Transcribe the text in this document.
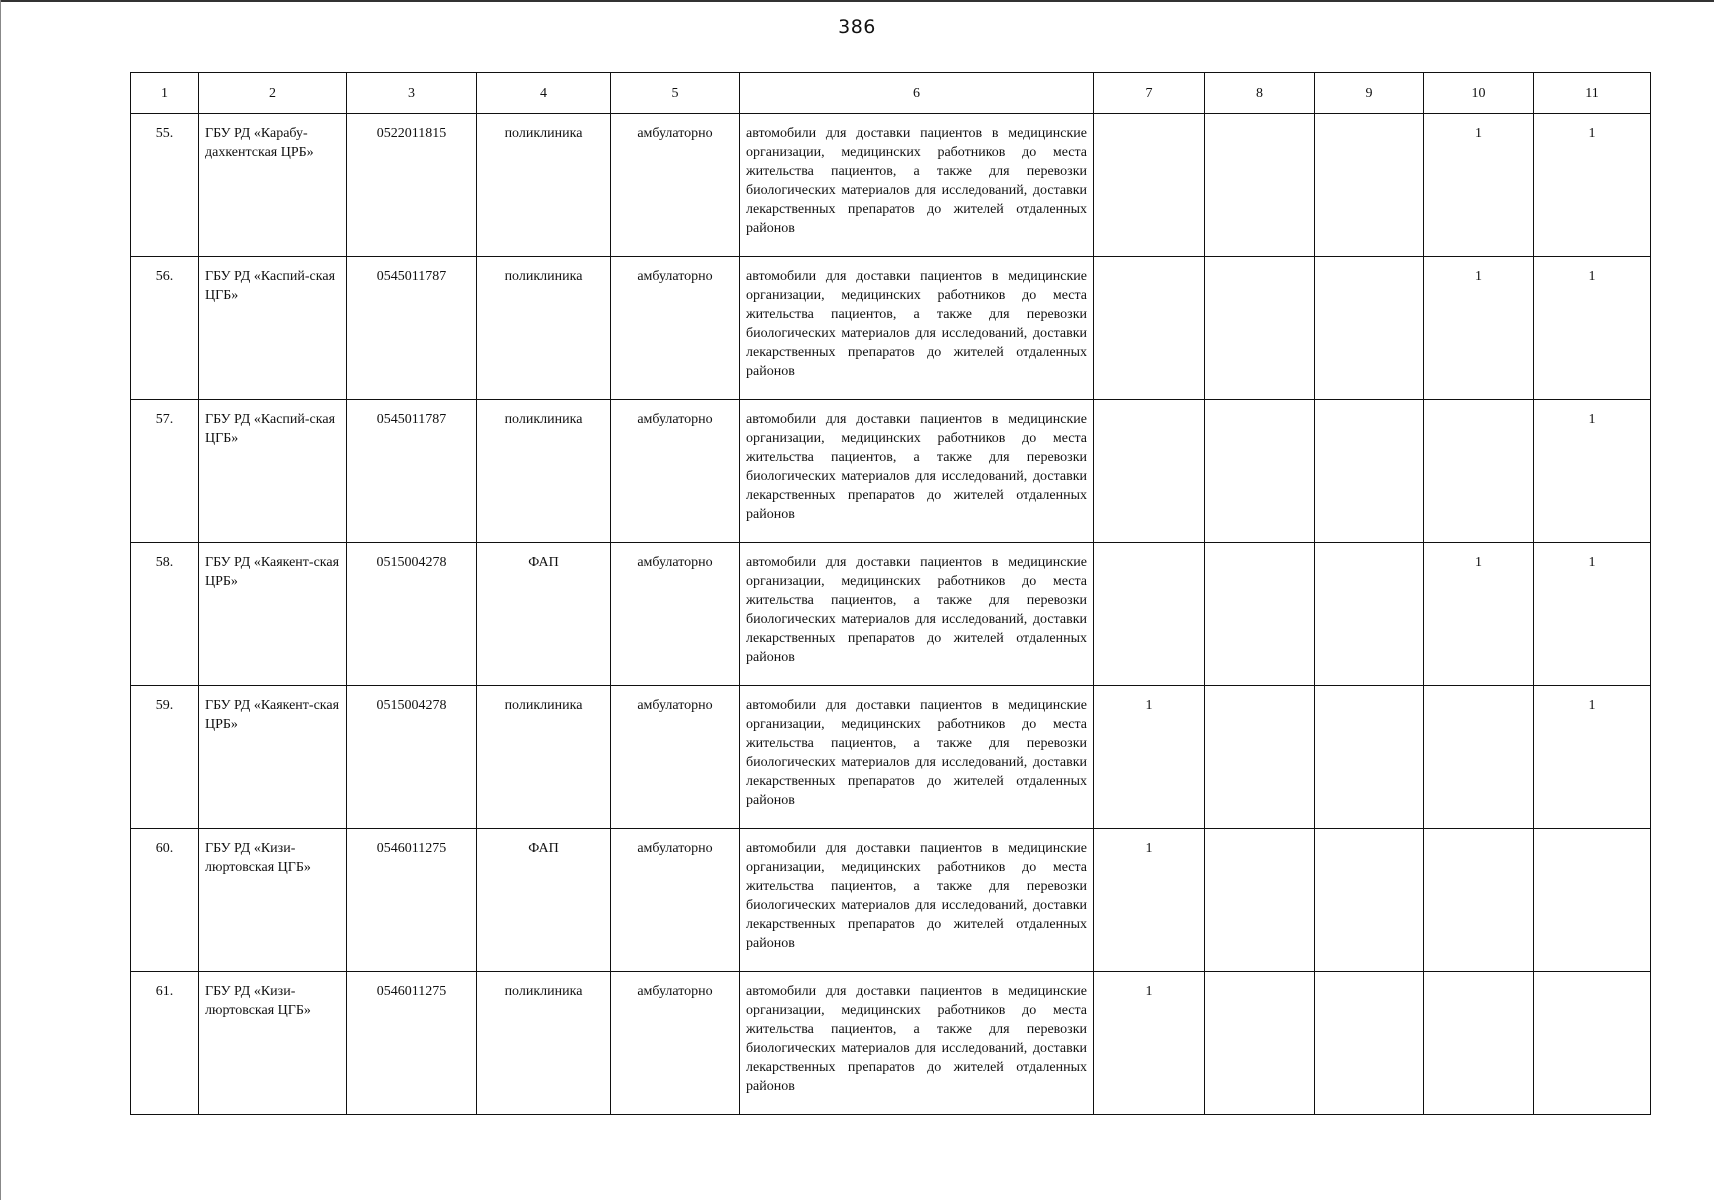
386
1	2	3	4	5	6	7	8	9	10	11
55.	ГБУ РД «Карабу-дахкентская ЦРБ»	0522011815	поликлиника	амбулаторно	автомобили для доставки пациентов в медицинские организации, медицинских работников до места жительства пациентов, а также для перевозки биологических материалов для исследований, доставки лекарственных препаратов до жителей отдаленных районов				1	1
56.	ГБУ РД «Каспий-ская ЦГБ»	0545011787	поликлиника	амбулаторно	автомобили для доставки пациентов в медицинские организации, медицинских работников до места жительства пациентов, а также для перевозки биологических материалов для исследований, доставки лекарственных препаратов до жителей отдаленных районов				1	1
57.	ГБУ РД «Каспий-ская ЦГБ»	0545011787	поликлиника	амбулаторно	автомобили для доставки пациентов в медицинские организации, медицинских работников до места жительства пациентов, а также для перевозки биологических материалов для исследований, доставки лекарственных препаратов до жителей отдаленных районов					1
58.	ГБУ РД «Каякент-ская ЦРБ»	0515004278	ФАП	амбулаторно	автомобили для доставки пациентов в медицинские организации, медицинских работников до места жительства пациентов, а также для перевозки биологических материалов для исследований, доставки лекарственных препаратов до жителей отдаленных районов				1	1
59.	ГБУ РД «Каякент-ская ЦРБ»	0515004278	поликлиника	амбулаторно	автомобили для доставки пациентов в медицинские организации, медицинских работников до места жительства пациентов, а также для перевозки биологических материалов для исследований, доставки лекарственных препаратов до жителей отдаленных районов	1				1
60.	ГБУ РД «Кизи-люртовская ЦГБ»	0546011275	ФАП	амбулаторно	автомобили для доставки пациентов в медицинские организации, медицинских работников до места жительства пациентов, а также для перевозки биологических материалов для исследований, доставки лекарственных препаратов до жителей отдаленных районов	1				
61.	ГБУ РД «Кизи-люртовская ЦГБ»	0546011275	поликлиника	амбулаторно	автомобили для доставки пациентов в медицинские организации, медицинских работников до места жительства пациентов, а также для перевозки биологических материалов для исследований, доставки лекарственных препаратов до жителей отдаленных районов	1				
